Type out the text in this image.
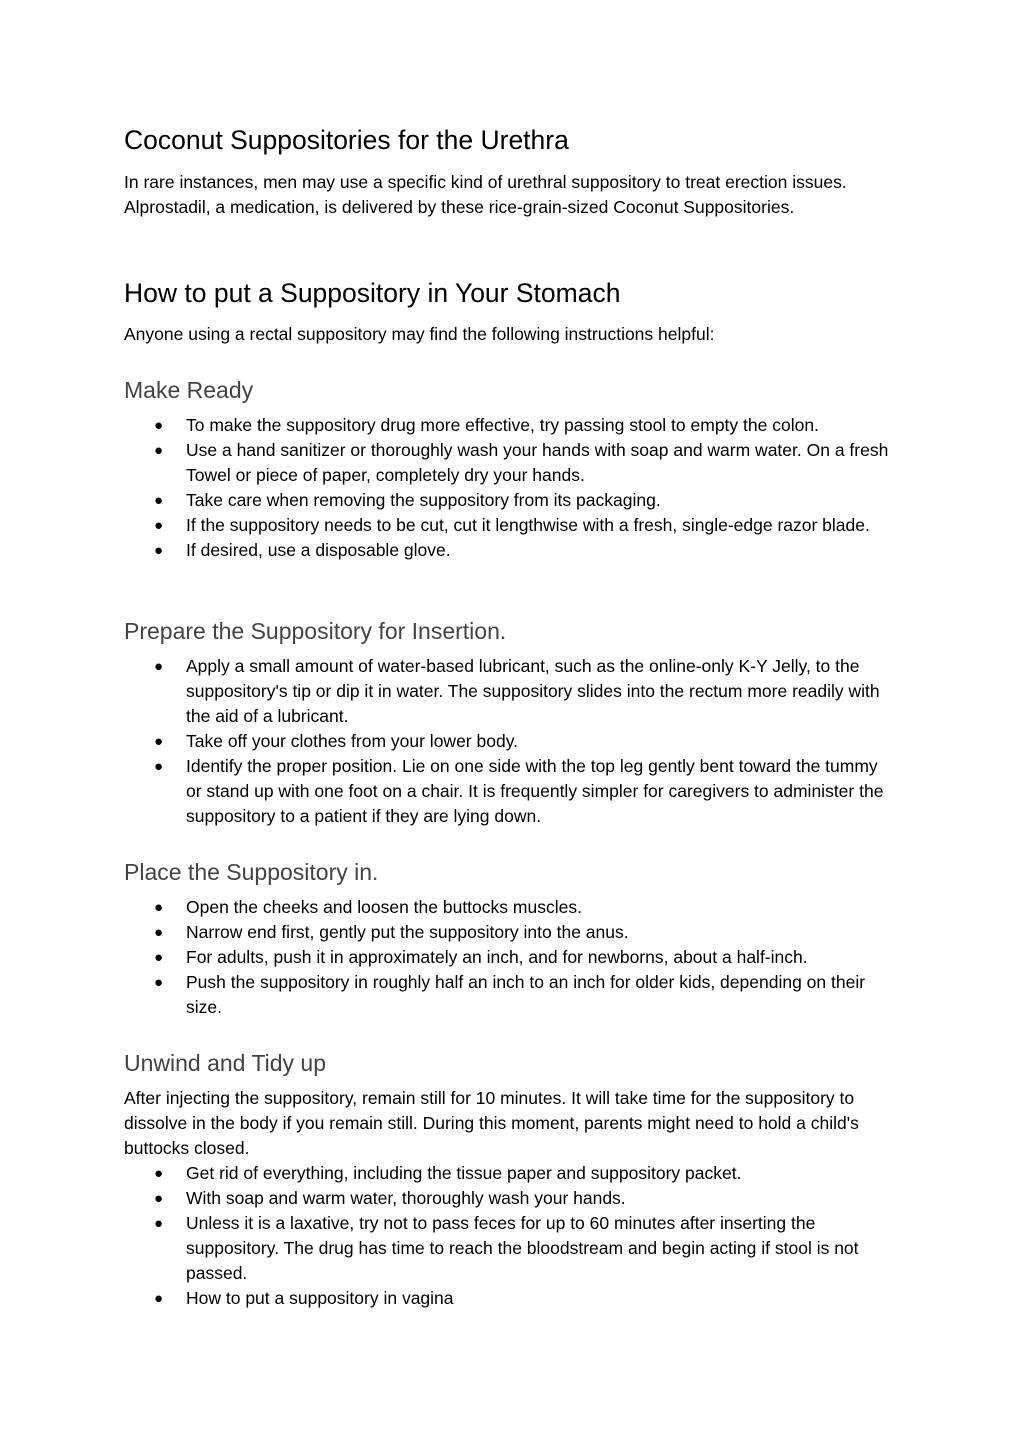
Coconut Suppositories for the Urethra

In rare instances, men may use a specific kind of urethral suppository to treat erection issues. Alprostadil, a medication, is delivered by these rice-grain-sized Coconut Suppositories.

How to put a Suppository in Your Stomach

Anyone using a rectal suppository may find the following instructions helpful:

Make Ready
● To make the suppository drug more effective, try passing stool to empty the colon.
● Use a hand sanitizer or thoroughly wash your hands with soap and warm water. On a fresh Towel or piece of paper, completely dry your hands.
● Take care when removing the suppository from its packaging.
● If the suppository needs to be cut, cut it lengthwise with a fresh, single-edge razor blade.
● If desired, use a disposable glove.
Prepare the Suppository for Insertion.
● Apply a small amount of water-based lubricant, such as the online-only K-Y Jelly, to the suppository's tip or dip it in water. The suppository slides into the rectum more readily with the aid of a lubricant.
● Take off your clothes from your lower body.
● Identify the proper position. Lie on one side with the top leg gently bent toward the tummy or stand up with one foot on a chair. It is frequently simpler for caregivers to administer the suppository to a patient if they are lying down.
Place the Suppository in.
● Open the cheeks and loosen the buttocks muscles.
● Narrow end first, gently put the suppository into the anus.
● For adults, push it in approximately an inch, and for newborns, about a half-inch.
● Push the suppository in roughly half an inch to an inch for older kids, depending on their size.
Unwind and Tidy up

After injecting the suppository, remain still for 10 minutes. It will take time for the suppository to dissolve in the body if you remain still. During this moment, parents might need to hold a child's buttocks closed.

● Get rid of everything, including the tissue paper and suppository packet.
● With soap and warm water, thoroughly wash your hands.
● Unless it is a laxative, try not to pass feces for up to 60 minutes after inserting the suppository. The drug has time to reach the bloodstream and begin acting if stool is not passed.
● How to put a suppository in vagina
